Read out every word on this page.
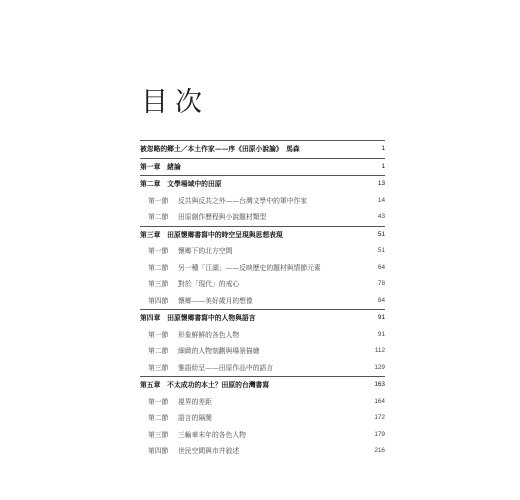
目次
被忽略的鄉土／本土作家——序《田原小說論》　馬森	1
第一章　緒論	1
第二章　文學場域中的田原	13
第一節 反共與反共之外——台灣文學中的軍中作家	14
第二節 田原創作歷程與小說題材類型	43
第三章　田原懷鄉書寫中的時空呈現與思想表現	51
第一節 懷鄉下的北方空間	51
第二節 另一種「江湖」——反映歷史的題材與情節元素	64
第三節 對於「現代」的戒心	78
第四節 懷鄉——美好歲月的想像	84
第四章　田原懷鄉書寫中的人物與語言	91
第一節 形象鮮鮮的各色人物	91
第二節 細緻的人物刻劃與場景描繪	112
第三節 雅語紛呈——田原作品中的語言	129
第五章　不太成功的本土？田原的台灣書寫	163
第一節 視界的差距	164
第二節 語言的隔閡	172
第三節 三輪車末年的各色人物	179
第四節 世民空間與市井敘述	216
